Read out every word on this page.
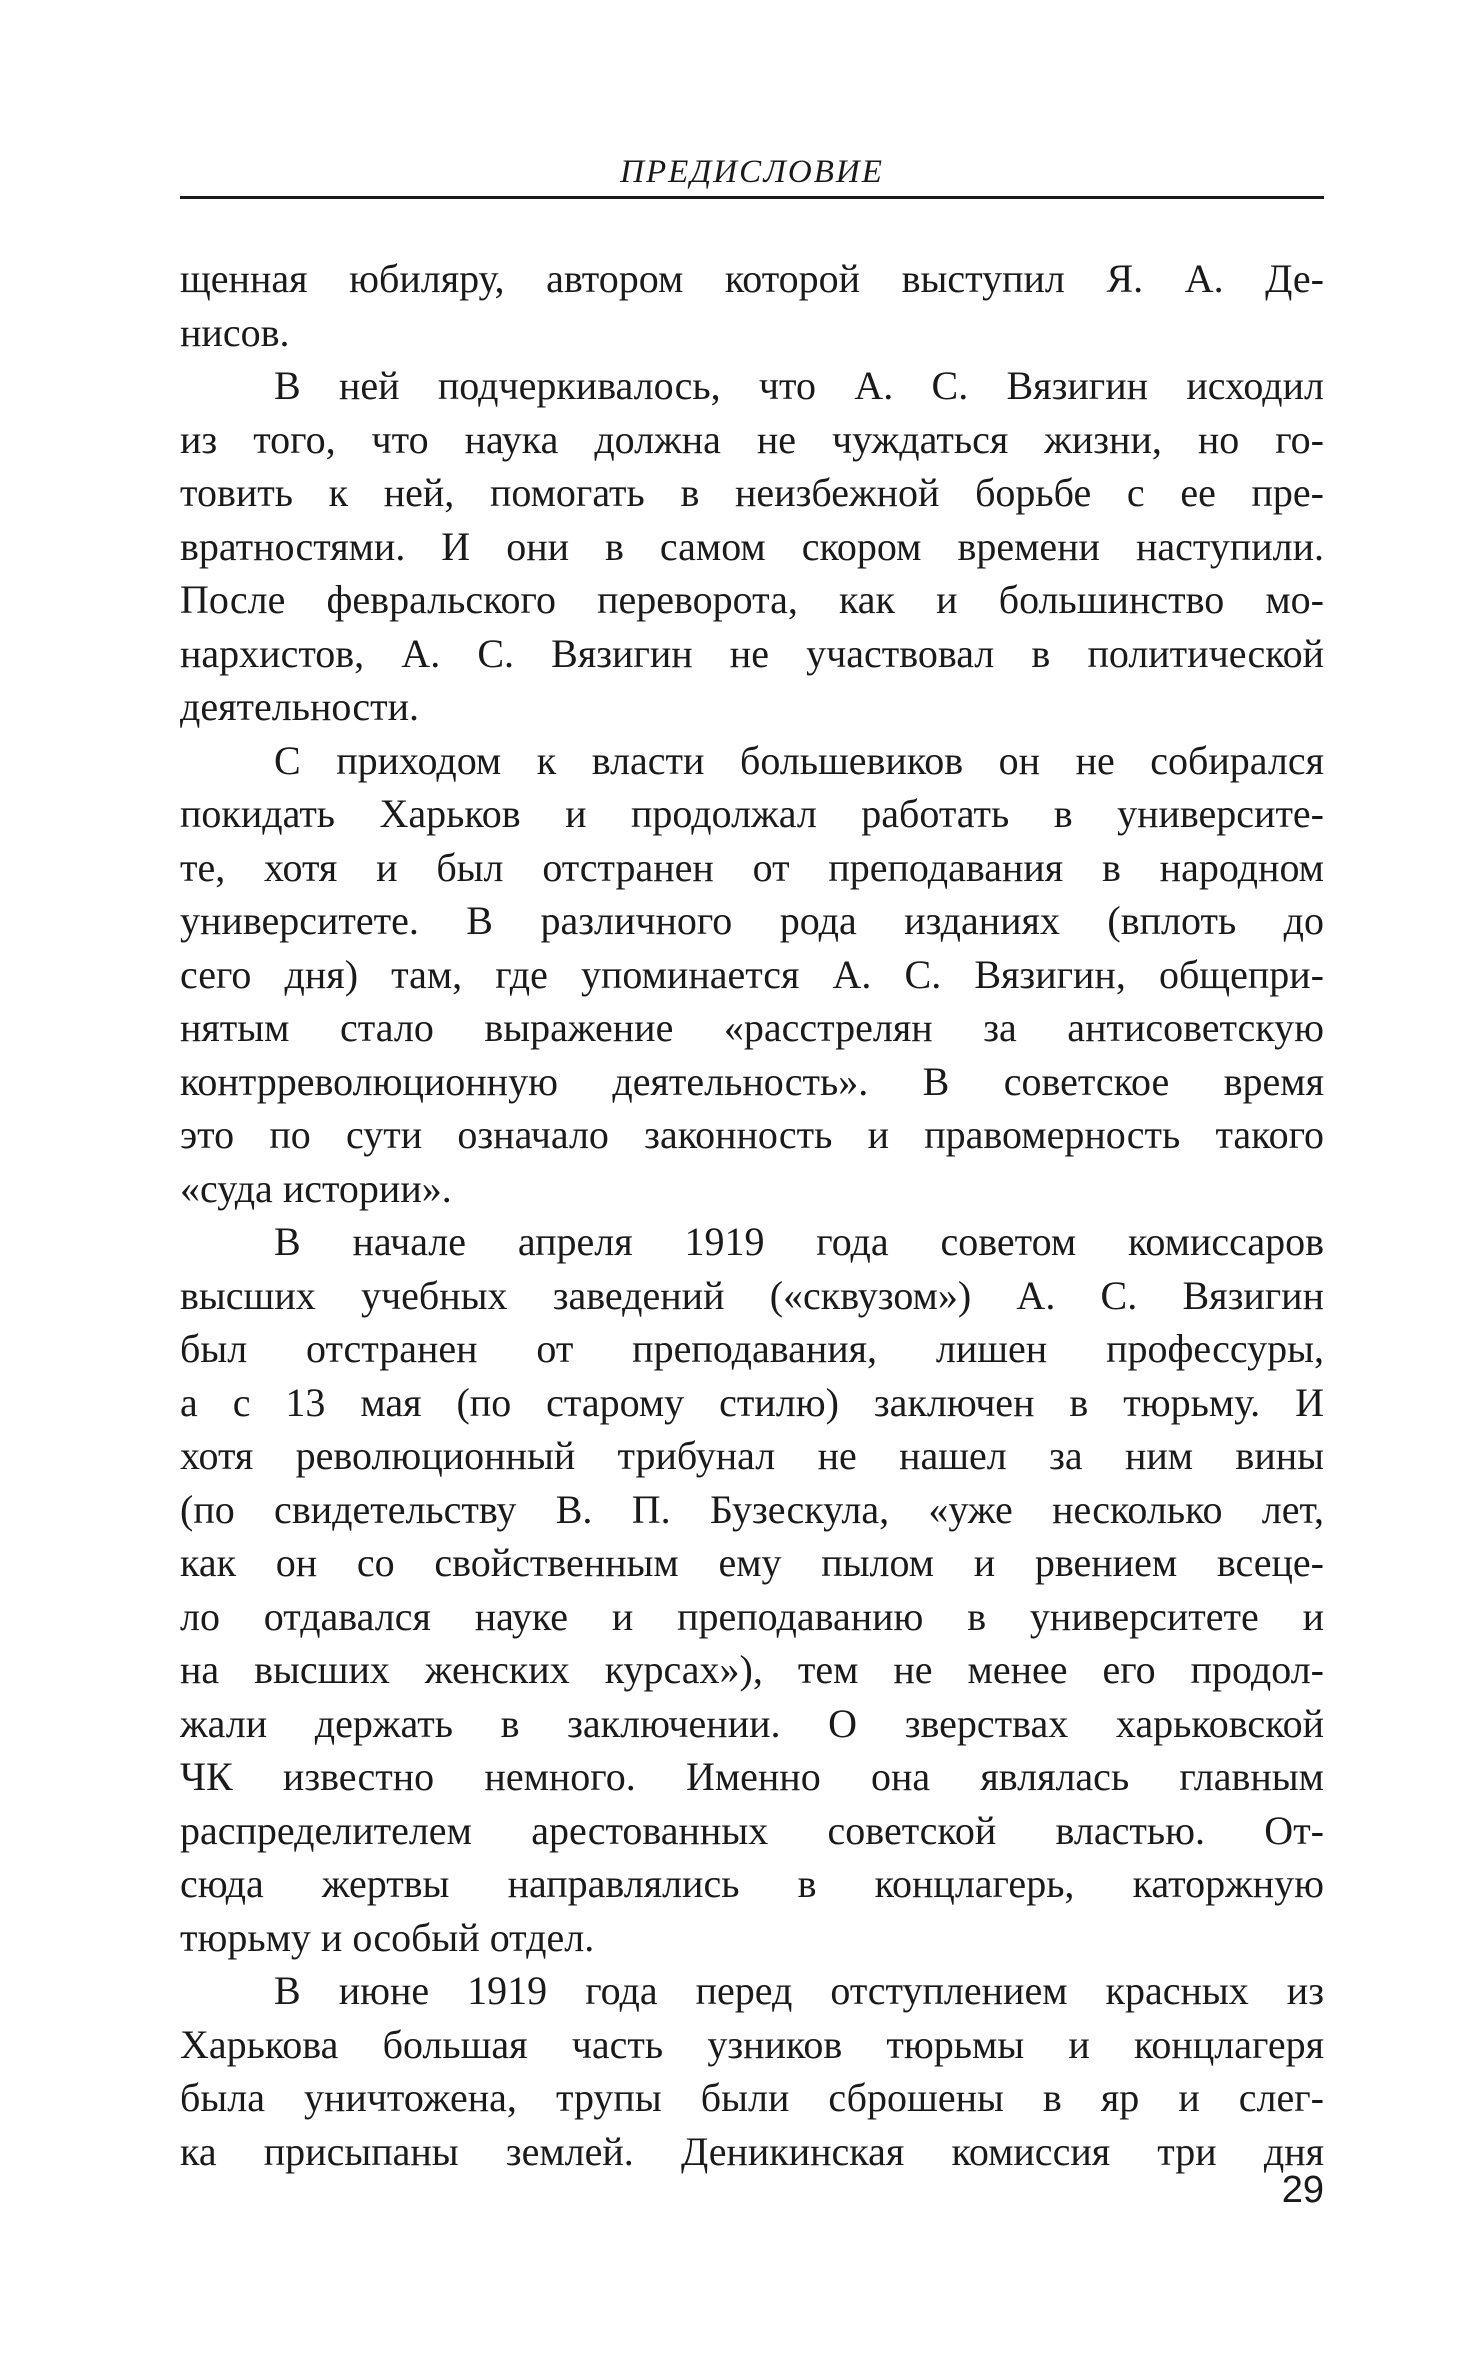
ПРЕДИСЛОВИЕ
щенная юбиляру, автором которой выступил Я. А. Де-
нисов.
В ней подчеркивалось, что А. С. Вязигин исходил
из того, что наука должна не чуждаться жизни, но го-
товить к ней, помогать в неизбежной борьбе с ее пре-
вратностями. И они в самом скором времени наступили.
После февральского переворота, как и большинство мо-
нархистов, А. С. Вязигин не участвовал в политической
деятельности.
С приходом к власти большевиков он не собирался
покидать Харьков и продолжал работать в университе-
те, хотя и был отстранен от преподавания в народном
университете. В различного рода изданиях (вплоть до
сего дня) там, где упоминается А. С. Вязигин, общепри-
нятым стало выражение «расстрелян за антисоветскую
контрреволюционную деятельность». В советское время
это по сути означало законность и правомерность такого
«суда истории».
В начале апреля 1919 года советом комиссаров
высших учебных заведений («сквузом») А. С. Вязигин
был отстранен от преподавания, лишен профессуры,
а с 13 мая (по старому стилю) заключен в тюрьму. И
хотя революционный трибунал не нашел за ним вины
(по свидетельству В. П. Бузескула, «уже несколько лет,
как он со свойственным ему пылом и рвением всеце-
ло отдавался науке и преподаванию в университете и
на высших женских курсах»), тем не менее его продол-
жали держать в заключении. О зверствах харьковской
ЧК известно немного. Именно она являлась главным
распределителем арестованных советской властью. От-
сюда жертвы направлялись в концлагерь, каторжную
тюрьму и особый отдел.
В июне 1919 года перед отступлением красных из
Харькова большая часть узников тюрьмы и концлагеря
была уничтожена, трупы были сброшены в яр и слег-
ка присыпаны землей. Деникинская комиссия три дня
29
